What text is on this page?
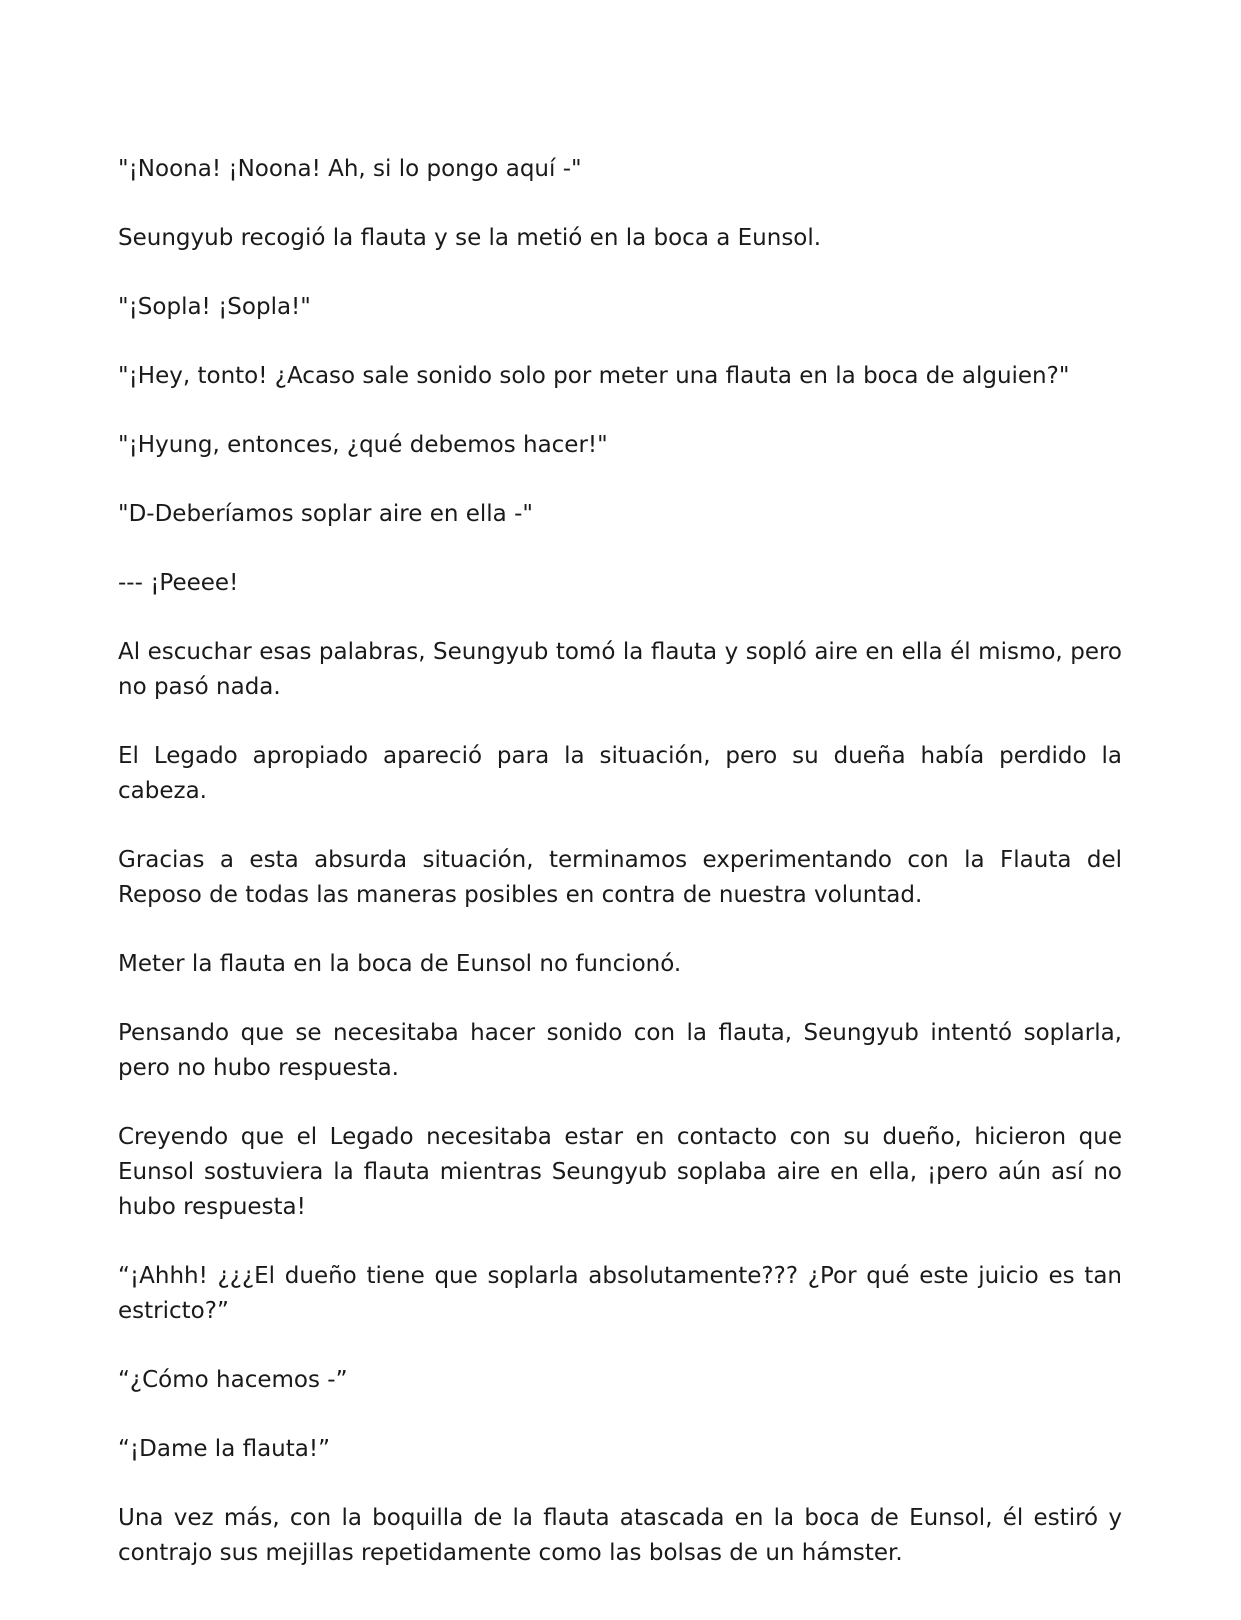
"¡Noona! ¡Noona! Ah, si lo pongo aquí -"

Seungyub recogió la flauta y se la metió en la boca a Eunsol.

"¡Sopla! ¡Sopla!"

"¡Hey, tonto! ¿Acaso sale sonido solo por meter una flauta en la boca de alguien?"

"¡Hyung, entonces, ¿qué debemos hacer!"

"D-Deberíamos soplar aire en ella -"

--- ¡Peeee!

Al escuchar esas palabras, Seungyub tomó la flauta y sopló aire en ella él mismo, pero no pasó nada.

El Legado apropiado apareció para la situación, pero su dueña había perdido la cabeza.

Gracias a esta absurda situación, terminamos experimentando con la Flauta del Reposo de todas las maneras posibles en contra de nuestra voluntad.

Meter la flauta en la boca de Eunsol no funcionó.

Pensando que se necesitaba hacer sonido con la flauta, Seungyub intentó soplarla, pero no hubo respuesta.

Creyendo que el Legado necesitaba estar en contacto con su dueño, hicieron que Eunsol sostuviera la flauta mientras Seungyub soplaba aire en ella, ¡pero aún así no hubo respuesta!

“¡Ahhh! ¿¿¿El dueño tiene que soplarla absolutamente??? ¿Por qué este juicio es tan estricto?”

“¿Cómo hacemos -”

“¡Dame la flauta!”

Una vez más, con la boquilla de la flauta atascada en la boca de Eunsol, él estiró y contrajo sus mejillas repetidamente como las bolsas de un hámster.
